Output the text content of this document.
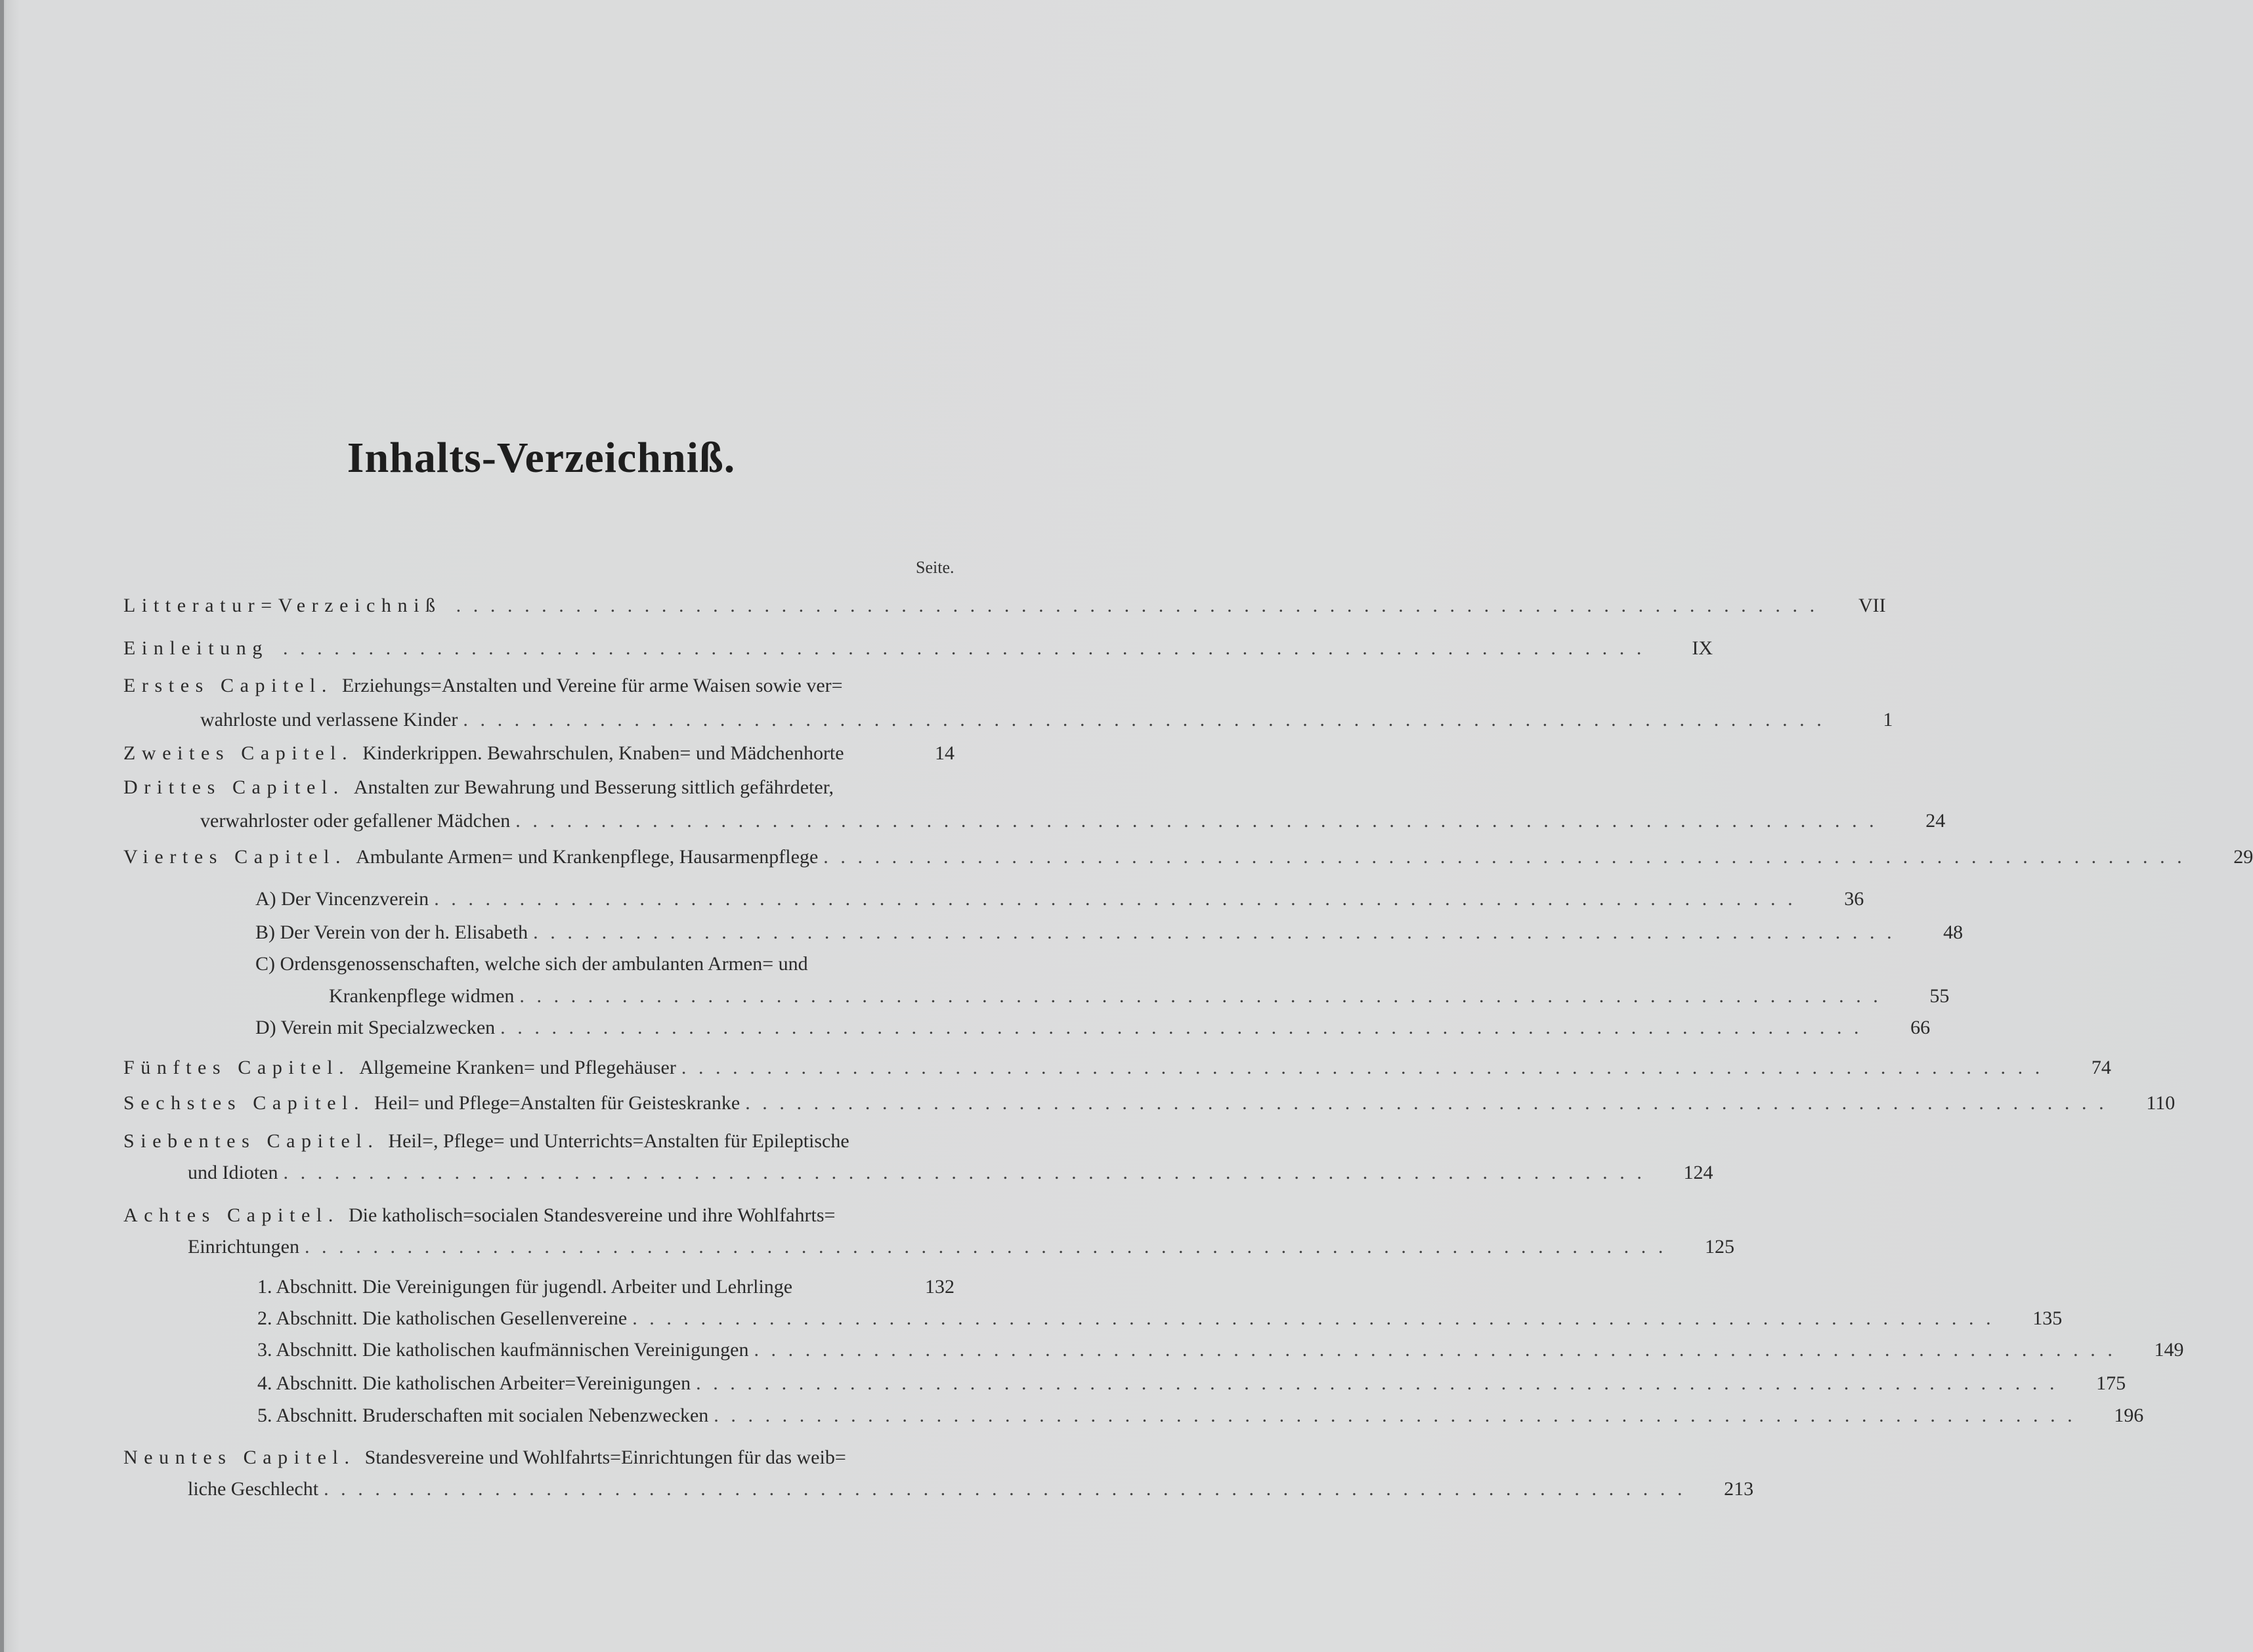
Inhalts-Verzeichniß.
Seite.
Litteratur=Verzeichniß ................................................................................	VII
Einleitung ................................................................................	IX
Erstes Capitel. Erziehungs=Anstalten und Vereine für arme Waisen sowie ver=
wahrloste und verlassene Kinder ................................................................................	1
Zweites Capitel. Kinderkrippen. Bewahrschulen, Knaben= und Mädchenhorte	14
Drittes Capitel. Anstalten zur Bewahrung und Besserung sittlich gefährdeter,
verwahrloster oder gefallener Mädchen ................................................................................	24
Viertes Capitel. Ambulante Armen= und Krankenpflege, Hausarmenpflege ................................................................................	29
A) Der Vincenzverein ................................................................................	36
B) Der Verein von der h. Elisabeth ................................................................................	48
C) Ordensgenossenschaften, welche sich der ambulanten Armen= und
Krankenpflege widmen ................................................................................	55
D) Verein mit Specialzwecken ................................................................................	66
Fünftes Capitel. Allgemeine Kranken= und Pflegehäuser ................................................................................	74
Sechstes Capitel. Heil= und Pflege=Anstalten für Geisteskranke ................................................................................	110
Siebentes Capitel. Heil=, Pflege= und Unterrichts=Anstalten für Epileptische
und Idioten ................................................................................	124
Achtes Capitel. Die katholisch=socialen Standesvereine und ihre Wohlfahrts=
Einrichtungen ................................................................................	125
1. Abschnitt. Die Vereinigungen für jugendl. Arbeiter und Lehrlinge	132
2. Abschnitt. Die katholischen Gesellenvereine ................................................................................	135
3. Abschnitt. Die katholischen kaufmännischen Vereinigungen ................................................................................	149
4. Abschnitt. Die katholischen Arbeiter=Vereinigungen ................................................................................	175
5. Abschnitt. Bruderschaften mit socialen Nebenzwecken ................................................................................	196
Neuntes Capitel. Standesvereine und Wohlfahrts=Einrichtungen für das weib=
liche Geschlecht ................................................................................	213
